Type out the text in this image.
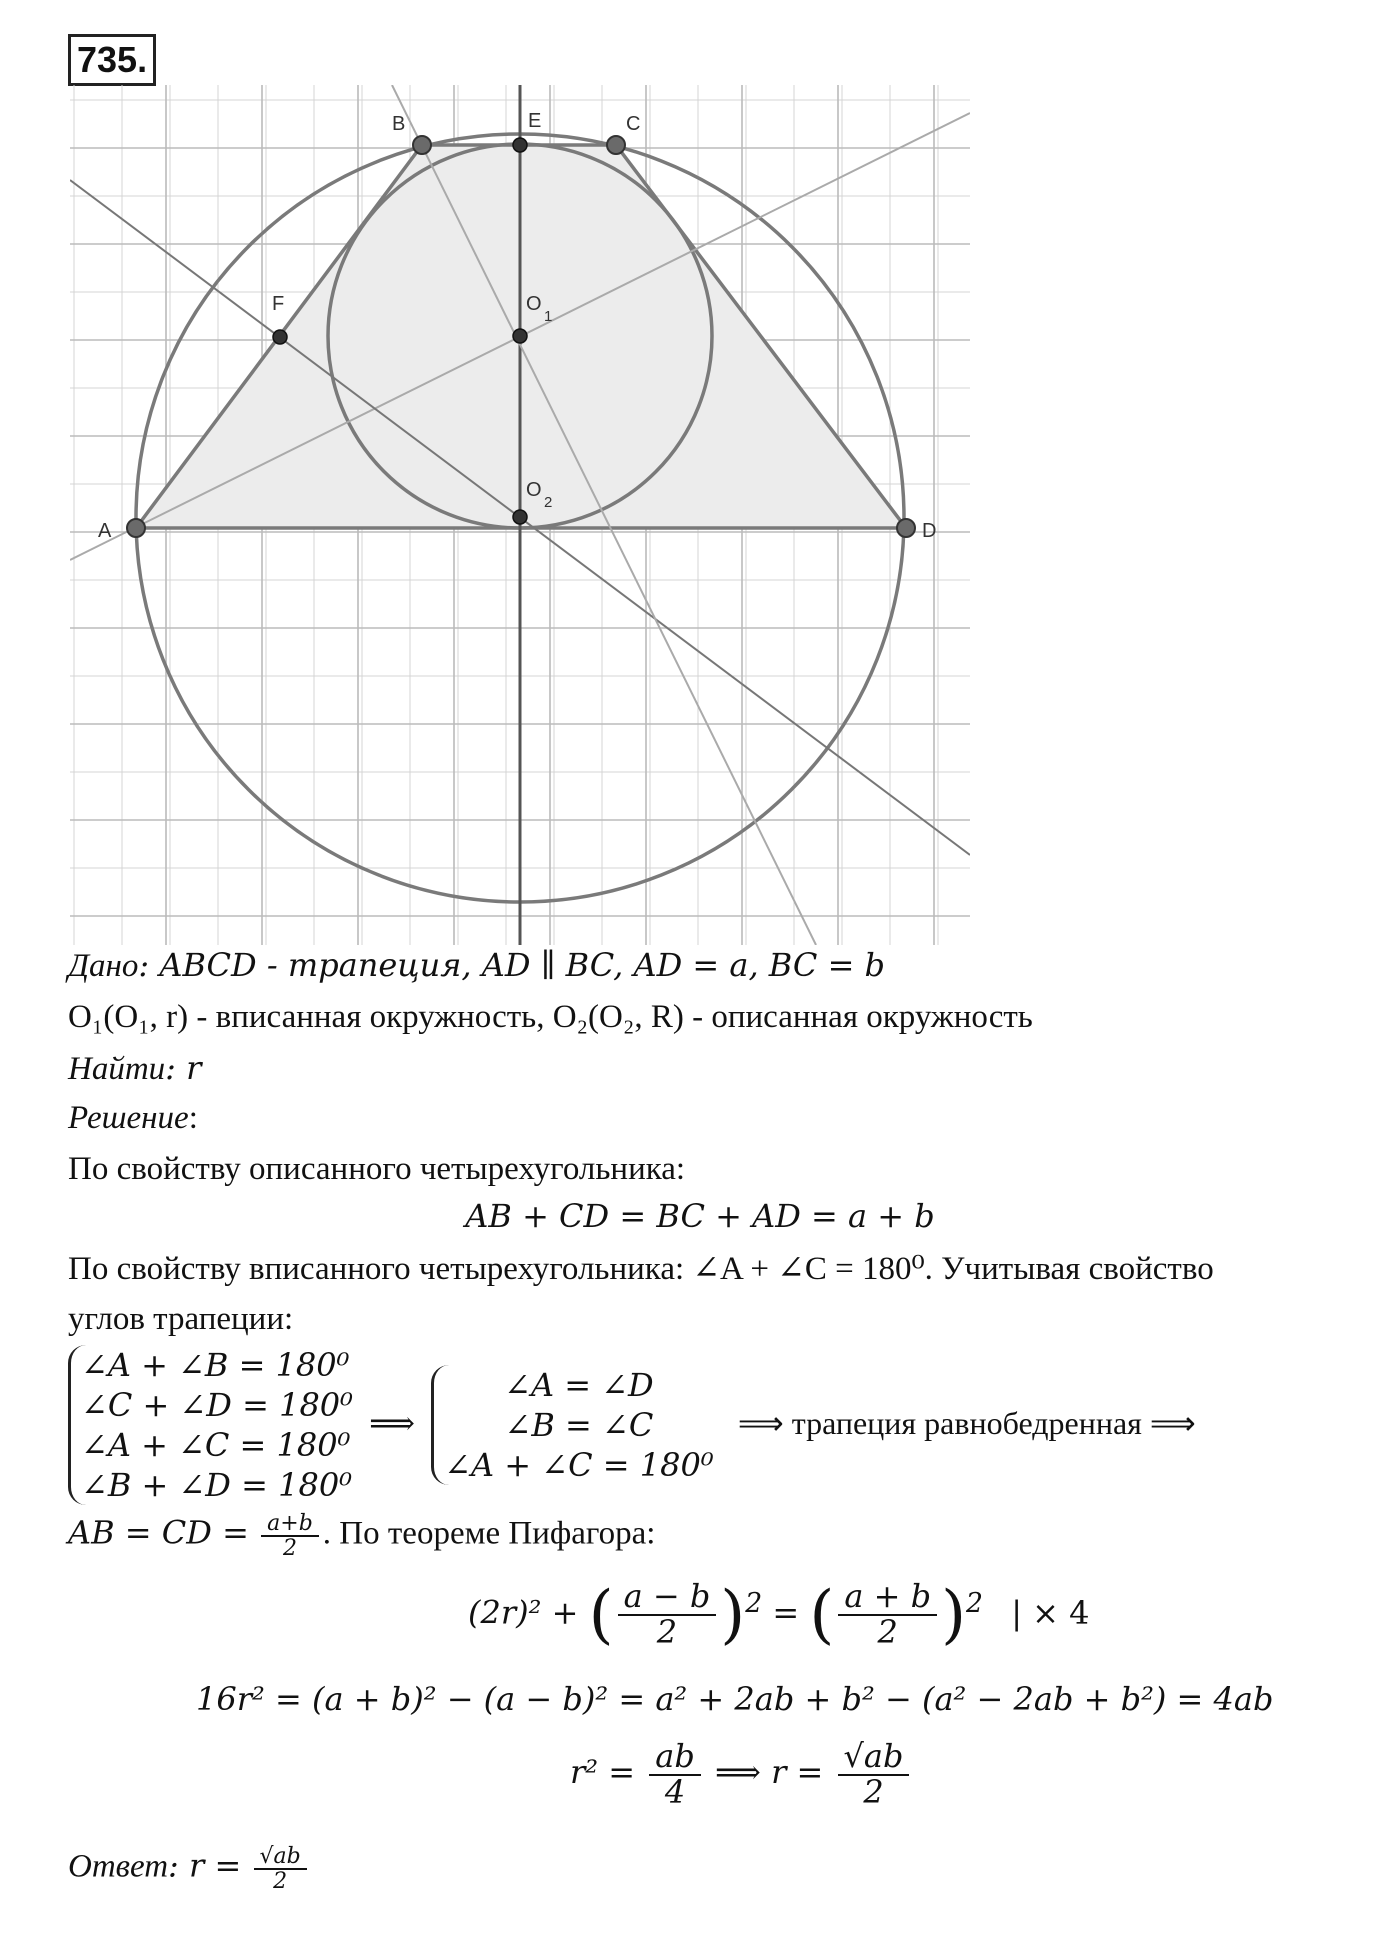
735.
B	E	C
F	O
1
O
2
A	D
Дано: ABCD - трапеция, AD ∥ BC, AD = a, BC = b
O₁(O₁, r) - вписанная окружность, O₂(O₂, R) - описанная окружность
Найти: r
Решение:
По свойству описанного четырехугольника:
AB + CD = BC + AD = a + b
По свойству вписанного четырехугольника: ∠A + ∠C = 180⁰. Учитывая свойство
углов трапеции:
∠A + ∠B = 180⁰
∠C + ∠D = 180⁰
∠A + ∠C = 180⁰
∠B + ∠D = 180⁰
⟹
∠A = ∠D
∠B = ∠C
∠A + ∠C = 180⁰
⟹ трапеция равнобедренная ⟹
AB = CD = $\frac{a+b}{2}$ . По теореме Пифагора:
(2r)² + ( $\frac{a - b}{2} )^2$ = ( $\frac{a + b}{2} )^2$ | × 4
16r² = (a + b)² − (a − b)² = a² + 2ab + b² − (a² − 2ab + b²) = 4ab
$r^2 = \frac{ab}{4}$ ⟹ $r = \frac{√ab}{2}$
Ответ: $r = \frac{√ab}{2}$
